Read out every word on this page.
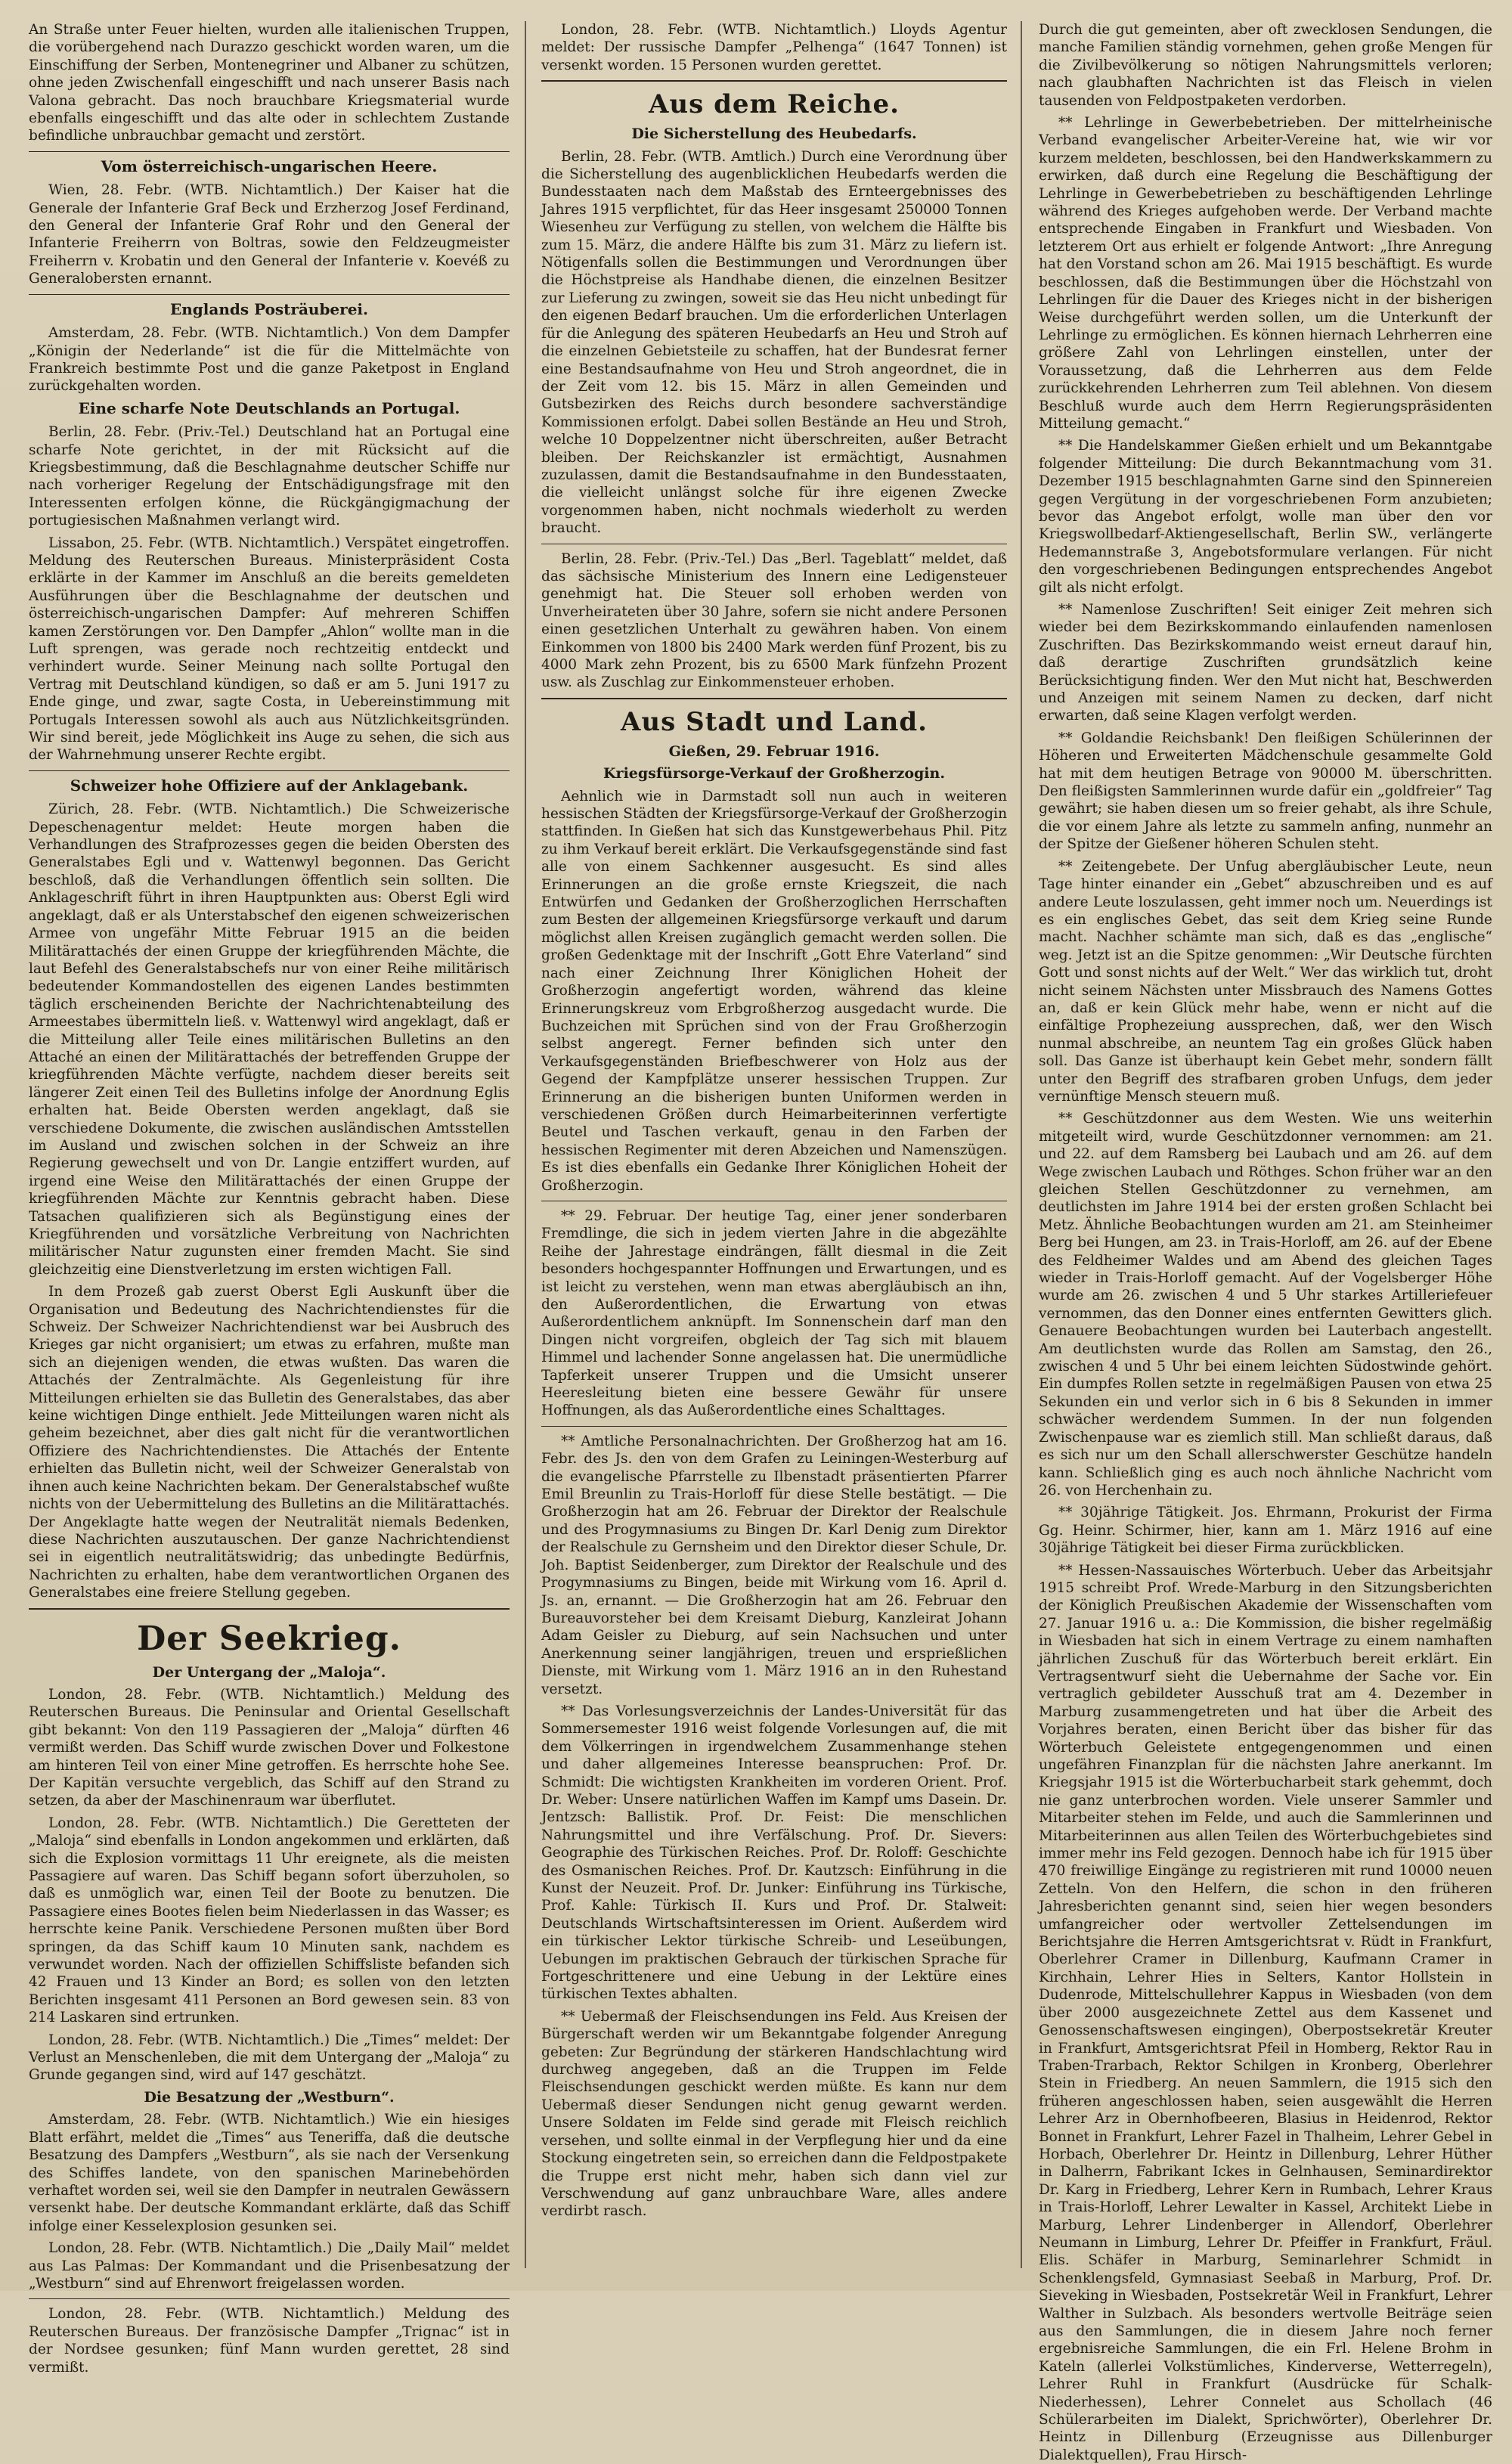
An Straße unter Feuer hielten, wurden alle italienischen Truppen, die vorübergehend nach Durazzo geschickt worden waren, um die Einschiffung der Serben, Montenegriner und Albaner zu schützen, ohne jeden Zwischenfall eingeschifft und nach unserer Basis nach Valona gebracht. Das noch brauchbare Kriegsmaterial wurde ebenfalls eingeschifft und das alte oder in schlechtem Zustande befindliche unbrauchbar gemacht und zerstört.

Vom österreichisch-ungarischen Heere.

Wien, 28. Febr. (WTB. Nichtamtlich.) Der Kaiser hat die Generale der Infanterie Graf Beck und Erzherzog Josef Ferdinand, den General der Infanterie Graf Rohr und den General der Infanterie Freiherrn von Boltras, sowie den Feldzeugmeister Freiherrn v. Krobatin und den General der Infanterie v. Koevéß zu Generalobersten ernannt.

Englands Posträuberei.

Amsterdam, 28. Febr. (WTB. Nichtamtlich.) Von dem Dampfer „Königin der Nederlande“ ist die für die Mittelmächte von Frankreich bestimmte Post und die ganze Paketpost in England zurückgehalten worden.

Eine scharfe Note Deutschlands an Portugal.

Berlin, 28. Febr. (Priv.-Tel.) Deutschland hat an Portugal eine scharfe Note gerichtet, in der mit Rücksicht auf die Kriegsbestimmung, daß die Beschlagnahme deutscher Schiffe nur nach vorheriger Regelung der Entschädigungsfrage mit den Interessenten erfolgen könne, die Rückgängigmachung der portugiesischen Maßnahmen verlangt wird.

Lissabon, 25. Febr. (WTB. Nichtamtlich.) Verspätet eingetroffen. Meldung des Reuterschen Bureaus. Ministerpräsident Costa erklärte in der Kammer im Anschluß an die bereits gemeldeten Ausführungen über die Beschlagnahme der deutschen und österreichisch-ungarischen Dampfer: Auf mehreren Schiffen kamen Zerstörungen vor. Den Dampfer „Ahlon“ wollte man in die Luft sprengen, was gerade noch rechtzeitig entdeckt und verhindert wurde. Seiner Meinung nach sollte Portugal den Vertrag mit Deutschland kündigen, so daß er am 5. Juni 1917 zu Ende ginge, und zwar, sagte Costa, in Uebereinstimmung mit Portugals Interessen sowohl als auch aus Nützlichkeitsgründen. Wir sind bereit, jede Möglichkeit ins Auge zu sehen, die sich aus der Wahrnehmung unserer Rechte ergibt.

Schweizer hohe Offiziere auf der Anklagebank.

Zürich, 28. Febr. (WTB. Nichtamtlich.) Die Schweizerische Depeschenagentur meldet: Heute morgen haben die Verhandlungen des Strafprozesses gegen die beiden Obersten des Generalstabes Egli und v. Wattenwyl begonnen. Das Gericht beschloß, daß die Verhandlungen öffentlich sein sollten. Die Anklageschrift führt in ihren Hauptpunkten aus: Oberst Egli wird angeklagt, daß er als Unterstabschef den eigenen schweizerischen Armee von ungefähr Mitte Februar 1915 an die beiden Militärattachés der einen Gruppe der kriegführenden Mächte, die laut Befehl des Generalstabschefs nur von einer Reihe militärisch bedeutender Kommandostellen des eigenen Landes bestimmten täglich erscheinenden Berichte der Nachrichtenabteilung des Armeestabes übermitteln ließ. v. Wattenwyl wird angeklagt, daß er die Mitteilung aller Teile eines militärischen Bulletins an den Attaché an einen der Militärattachés der betreffenden Gruppe der kriegführenden Mächte verfügte, nachdem dieser bereits seit längerer Zeit einen Teil des Bulletins infolge der Anordnung Eglis erhalten hat. Beide Obersten werden angeklagt, daß sie verschiedene Dokumente, die zwischen ausländischen Amtsstellen im Ausland und zwischen solchen in der Schweiz an ihre Regierung gewechselt und von Dr. Langie entziffert wurden, auf irgend eine Weise den Militärattachés der einen Gruppe der kriegführenden Mächte zur Kenntnis gebracht haben. Diese Tatsachen qualifizieren sich als Begünstigung eines der Kriegführenden und vorsätzliche Verbreitung von Nachrichten militärischer Natur zugunsten einer fremden Macht. Sie sind gleichzeitig eine Dienstverletzung im ersten wichtigen Fall.

In dem Prozeß gab zuerst Oberst Egli Auskunft über die Organisation und Bedeutung des Nachrichtendienstes für die Schweiz. Der Schweizer Nachrichtendienst war bei Ausbruch des Krieges gar nicht organisiert; um etwas zu erfahren, mußte man sich an diejenigen wenden, die etwas wußten. Das waren die Attachés der Zentralmächte. Als Gegenleistung für ihre Mitteilungen erhielten sie das Bulletin des Generalstabes, das aber keine wichtigen Dinge enthielt. Jede Mitteilungen waren nicht als geheim bezeichnet, aber dies galt nicht für die verantwortlichen Offiziere des Nachrichtendienstes. Die Attachés der Entente erhielten das Bulletin nicht, weil der Schweizer Generalstab von ihnen auch keine Nachrichten bekam. Der Generalstabschef wußte nichts von der Uebermittelung des Bulletins an die Militärattachés. Der Angeklagte hatte wegen der Neutralität niemals Bedenken, diese Nachrichten auszutauschen. Der ganze Nachrichtendienst sei in eigentlich neutralitätswidrig; das unbedingte Bedürfnis, Nachrichten zu erhalten, habe dem verantwortlichen Organen des Generalstabes eine freiere Stellung gegeben.

Der Seekrieg.
Der Untergang der „Maloja“.

London, 28. Febr. (WTB. Nichtamtlich.) Meldung des Reuterschen Bureaus. Die Peninsular and Oriental Gesellschaft gibt bekannt: Von den 119 Passagieren der „Maloja“ dürften 46 vermißt werden. Das Schiff wurde zwischen Dover und Folkestone am hinteren Teil von einer Mine getroffen. Es herrschte hohe See. Der Kapitän versuchte vergeblich, das Schiff auf den Strand zu setzen, da aber der Maschinenraum war überflutet.

London, 28. Febr. (WTB. Nichtamtlich.) Die Geretteten der „Maloja“ sind ebenfalls in London angekommen und erklärten, daß sich die Explosion vormittags 11 Uhr ereignete, als die meisten Passagiere auf waren. Das Schiff begann sofort überzuholen, so daß es unmöglich war, einen Teil der Boote zu benutzen. Die Passagiere eines Bootes fielen beim Niederlassen in das Wasser; es herrschte keine Panik. Verschiedene Personen mußten über Bord springen, da das Schiff kaum 10 Minuten sank, nachdem es verwundet worden. Nach der offiziellen Schiffsliste befanden sich 42 Frauen und 13 Kinder an Bord; es sollen von den letzten Berichten insgesamt 411 Personen an Bord gewesen sein. 83 von 214 Laskaren sind ertrunken.

London, 28. Febr. (WTB. Nichtamtlich.) Die „Times“ meldet: Der Verlust an Menschenleben, die mit dem Untergang der „Maloja“ zu Grunde gegangen sind, wird auf 147 geschätzt.

Die Besatzung der „Westburn“.

Amsterdam, 28. Febr. (WTB. Nichtamtlich.) Wie ein hiesiges Blatt erfährt, meldet die „Times“ aus Teneriffa, daß die deutsche Besatzung des Dampfers „Westburn“, als sie nach der Versenkung des Schiffes landete, von den spanischen Marinebehörden verhaftet worden sei, weil sie den Dampfer in neutralen Gewässern versenkt habe. Der deutsche Kommandant erklärte, daß das Schiff infolge einer Kesselexplosion gesunken sei.

London, 28. Febr. (WTB. Nichtamtlich.) Die „Daily Mail“ meldet aus Las Palmas: Der Kommandant und die Prisenbesatzung der „Westburn“ sind auf Ehrenwort freigelassen worden.

London, 28. Febr. (WTB. Nichtamtlich.) Meldung des Reuterschen Bureaus. Der französische Dampfer „Trignac“ ist in der Nordsee gesunken; fünf Mann wurden gerettet, 28 sind vermißt.

London, 28. Febr. (WTB. Nichtamtlich.) Lloyds Agentur meldet: Der russische Dampfer „Pelhenga“ (1647 Tonnen) ist versenkt worden. 15 Personen wurden gerettet.

Aus dem Reiche.
Die Sicherstellung des Heubedarfs.

Berlin, 28. Febr. (WTB. Amtlich.) Durch eine Verordnung über die Sicherstellung des augenblicklichen Heubedarfs werden die Bundesstaaten nach dem Maßstab des Ernteergebnisses des Jahres 1915 verpflichtet, für das Heer insgesamt 250000 Tonnen Wiesenheu zur Verfügung zu stellen, von welchem die Hälfte bis zum 15. März, die andere Hälfte bis zum 31. März zu liefern ist. Nötigenfalls sollen die Bestimmungen und Verordnungen über die Höchstpreise als Handhabe dienen, die einzelnen Besitzer zur Lieferung zu zwingen, soweit sie das Heu nicht unbedingt für den eigenen Bedarf brauchen. Um die erforderlichen Unterlagen für die Anlegung des späteren Heubedarfs an Heu und Stroh auf die einzelnen Gebietsteile zu schaffen, hat der Bundesrat ferner eine Bestandsaufnahme von Heu und Stroh angeordnet, die in der Zeit vom 12. bis 15. März in allen Gemeinden und Gutsbezirken des Reichs durch besondere sachverständige Kommissionen erfolgt. Dabei sollen Bestände an Heu und Stroh, welche 10 Doppelzentner nicht überschreiten, außer Betracht bleiben. Der Reichskanzler ist ermächtigt, Ausnahmen zuzulassen, damit die Bestandsaufnahme in den Bundesstaaten, die vielleicht unlängst solche für ihre eigenen Zwecke vorgenommen haben, nicht nochmals wiederholt zu werden braucht.

Berlin, 28. Febr. (Priv.-Tel.) Das „Berl. Tageblatt“ meldet, daß das sächsische Ministerium des Innern eine Ledigensteuer genehmigt hat. Die Steuer soll erhoben werden von Unverheirateten über 30 Jahre, sofern sie nicht andere Personen einen gesetzlichen Unterhalt zu gewähren haben. Von einem Einkommen von 1800 bis 2400 Mark werden fünf Prozent, bis zu 4000 Mark zehn Prozent, bis zu 6500 Mark fünfzehn Prozent usw. als Zuschlag zur Einkommensteuer erhoben.

Aus Stadt und Land.
Gießen, 29. Februar 1916.
Kriegsfürsorge-Verkauf der Großherzogin.

Aehnlich wie in Darmstadt soll nun auch in weiteren hessischen Städten der Kriegsfürsorge-Verkauf der Großherzogin stattfinden. In Gießen hat sich das Kunstgewerbehaus Phil. Pitz zu ihm Verkauf bereit erklärt. Die Verkaufsgegenstände sind fast alle von einem Sachkenner ausgesucht. Es sind alles Erinnerungen an die große ernste Kriegszeit, die nach Entwürfen und Gedanken der Großherzoglichen Herrschaften zum Besten der allgemeinen Kriegsfürsorge verkauft und darum möglichst allen Kreisen zugänglich gemacht werden sollen. Die großen Gedenktage mit der Inschrift „Gott Ehre Vaterland“ sind nach einer Zeichnung Ihrer Königlichen Hoheit der Großherzogin angefertigt worden, während das kleine Erinnerungskreuz vom Erbgroßherzog ausgedacht wurde. Die Buchzeichen mit Sprüchen sind von der Frau Großherzogin selbst angeregt. Ferner befinden sich unter den Verkaufsgegenständen Briefbeschwerer von Holz aus der Gegend der Kampfplätze unserer hessischen Truppen. Zur Erinnerung an die bisherigen bunten Uniformen werden in verschiedenen Größen durch Heimarbeiterinnen verfertigte Beutel und Taschen verkauft, genau in den Farben der hessischen Regimenter mit deren Abzeichen und Namenszügen. Es ist dies ebenfalls ein Gedanke Ihrer Königlichen Hoheit der Großherzogin.

** 29. Februar. Der heutige Tag, einer jener sonderbaren Fremdlinge, die sich in jedem vierten Jahre in die abgezählte Reihe der Jahrestage eindrängen, fällt diesmal in die Zeit besonders hochgespannter Hoffnungen und Erwartungen, und es ist leicht zu verstehen, wenn man etwas abergläubisch an ihn, den Außerordentlichen, die Erwartung von etwas Außerordentlichem anknüpft. Im Sonnenschein darf man den Dingen nicht vorgreifen, obgleich der Tag sich mit blauem Himmel und lachender Sonne angelassen hat. Die unermüdliche Tapferkeit unserer Truppen und die Umsicht unserer Heeresleitung bieten eine bessere Gewähr für unsere Hoffnungen, als das Außerordentliche eines Schalttages.

** Amtliche Personalnachrichten. Der Großherzog hat am 16. Febr. des Js. den von dem Grafen zu Leiningen-Westerburg auf die evangelische Pfarrstelle zu Ilbenstadt präsentierten Pfarrer Emil Breunlin zu Trais-Horloff für diese Stelle bestätigt. — Die Großherzogin hat am 26. Februar der Direktor der Realschule und des Progymnasiums zu Bingen Dr. Karl Denig zum Direktor der Realschule zu Gernsheim und den Direktor dieser Schule, Dr. Joh. Baptist Seidenberger, zum Direktor der Realschule und des Progymnasiums zu Bingen, beide mit Wirkung vom 16. April d. Js. an, ernannt. — Die Großherzogin hat am 26. Februar den Bureauvorsteher bei dem Kreisamt Dieburg, Kanzleirat Johann Adam Geisler zu Dieburg, auf sein Nachsuchen und unter Anerkennung seiner langjährigen, treuen und ersprießlichen Dienste, mit Wirkung vom 1. März 1916 an in den Ruhestand versetzt.

** Das Vorlesungsverzeichnis der Landes-Universität für das Sommersemester 1916 weist folgende Vorlesungen auf, die mit dem Völkerringen in irgendwelchem Zusammenhange stehen und daher allgemeines Interesse beanspruchen: Prof. Dr. Schmidt: Die wichtigsten Krankheiten im vorderen Orient. Prof. Dr. Weber: Unsere natürlichen Waffen im Kampf ums Dasein. Dr. Jentzsch: Ballistik. Prof. Dr. Feist: Die menschlichen Nahrungsmittel und ihre Verfälschung. Prof. Dr. Sievers: Geographie des Türkischen Reiches. Prof. Dr. Roloff: Geschichte des Osmanischen Reiches. Prof. Dr. Kautzsch: Einführung in die Kunst der Neuzeit. Prof. Dr. Junker: Einführung ins Türkische, Prof. Kahle: Türkisch II. Kurs und Prof. Dr. Stalweit: Deutschlands Wirtschaftsinteressen im Orient. Außerdem wird ein türkischer Lektor türkische Schreib- und Leseübungen, Uebungen im praktischen Gebrauch der türkischen Sprache für Fortgeschrittenere und eine Uebung in der Lektüre eines türkischen Textes abhalten.

** Uebermaß der Fleischsendungen ins Feld. Aus Kreisen der Bürgerschaft werden wir um Bekanntgabe folgender Anregung gebeten: Zur Begründung der stärkeren Handschlachtung wird durchweg angegeben, daß an die Truppen im Felde Fleischsendungen geschickt werden müßte. Es kann nur dem Uebermaß dieser Sendungen nicht genug gewarnt werden. Unsere Soldaten im Felde sind gerade mit Fleisch reichlich versehen, und sollte einmal in der Verpflegung hier und da eine Stockung eingetreten sein, so erreichen dann die Feldpostpakete die Truppe erst nicht mehr, haben sich dann viel zur Verschwendung auf ganz unbrauchbare Ware, alles andere verdirbt rasch.

Durch die gut gemeinten, aber oft zwecklosen Sendungen, die manche Familien ständig vornehmen, gehen große Mengen für die Zivilbevölkerung so nötigen Nahrungsmittels verloren; nach glaubhaften Nachrichten ist das Fleisch in vielen tausenden von Feldpostpaketen verdorben.

** Lehrlinge in Gewerbebetrieben. Der mittelrheinische Verband evangelischer Arbeiter-Vereine hat, wie wir vor kurzem meldeten, beschlossen, bei den Handwerkskammern zu erwirken, daß durch eine Regelung die Beschäftigung der Lehrlinge in Gewerbebetrieben zu beschäftigenden Lehrlinge während des Krieges aufgehoben werde. Der Verband machte entsprechende Eingaben in Frankfurt und Wiesbaden. Von letzterem Ort aus erhielt er folgende Antwort: „Ihre Anregung hat den Vorstand schon am 26. Mai 1915 beschäftigt. Es wurde beschlossen, daß die Bestimmungen über die Höchstzahl von Lehrlingen für die Dauer des Krieges nicht in der bisherigen Weise durchgeführt werden sollen, um die Unterkunft der Lehrlinge zu ermöglichen. Es können hiernach Lehrherren eine größere Zahl von Lehrlingen einstellen, unter der Voraussetzung, daß die Lehrherren aus dem Felde zurückkehrenden Lehrherren zum Teil ablehnen. Von diesem Beschluß wurde auch dem Herrn Regierungspräsidenten Mitteilung gemacht.“

** Die Handelskammer Gießen erhielt und um Bekanntgabe folgender Mitteilung: Die durch Bekanntmachung vom 31. Dezember 1915 beschlagnahmten Garne sind den Spinnereien gegen Vergütung in der vorgeschriebenen Form anzubieten; bevor das Angebot erfolgt, wolle man über den vor Kriegswollbedarf-Aktiengesellschaft, Berlin SW., verlängerte Hedemannstraße 3, Angebotsformulare verlangen. Für nicht den vorgeschriebenen Bedingungen entsprechendes Angebot gilt als nicht erfolgt.

** Namenlose Zuschriften! Seit einiger Zeit mehren sich wieder bei dem Bezirkskommando einlaufenden namenlosen Zuschriften. Das Bezirkskommando weist erneut darauf hin, daß derartige Zuschriften grundsätzlich keine Berücksichtigung finden. Wer den Mut nicht hat, Beschwerden und Anzeigen mit seinem Namen zu decken, darf nicht erwarten, daß seine Klagen verfolgt werden.

** Goldandie Reichsbank! Den fleißigen Schülerinnen der Höheren und Erweiterten Mädchenschule gesammelte Gold hat mit dem heutigen Betrage von 90000 M. überschritten. Den fleißigsten Sammlerinnen wurde dafür ein „goldfreier“ Tag gewährt; sie haben diesen um so freier gehabt, als ihre Schule, die vor einem Jahre als letzte zu sammeln anfing, nunmehr an der Spitze der Gießener höheren Schulen steht.

** Zeitengebete. Der Unfug abergläubischer Leute, neun Tage hinter einander ein „Gebet“ abzuschreiben und es auf andere Leute loszulassen, geht immer noch um. Neuerdings ist es ein englisches Gebet, das seit dem Krieg seine Runde macht. Nachher schämte man sich, daß es das „englische“ weg. Jetzt ist an die Spitze genommen: „Wir Deutsche fürchten Gott und sonst nichts auf der Welt.“ Wer das wirklich tut, droht nicht seinem Nächsten unter Missbrauch des Namens Gottes an, daß er kein Glück mehr habe, wenn er nicht auf die einfältige Prophezeiung aussprechen, daß, wer den Wisch nunmal abschreibe, an neuntem Tag ein großes Glück haben soll. Das Ganze ist überhaupt kein Gebet mehr, sondern fällt unter den Begriff des strafbaren groben Unfugs, dem jeder vernünftige Mensch steuern muß.

** Geschützdonner aus dem Westen. Wie uns weiterhin mitgeteilt wird, wurde Geschützdonner vernommen: am 21. und 22. auf dem Ramsberg bei Laubach und am 26. auf dem Wege zwischen Laubach und Röthges. Schon früher war an den gleichen Stellen Geschützdonner zu vernehmen, am deutlichsten im Jahre 1914 bei der ersten großen Schlacht bei Metz. Ähnliche Beobachtungen wurden am 21. am Steinheimer Berg bei Hungen, am 23. in Trais-Horloff, am 26. auf der Ebene des Feldheimer Waldes und am Abend des gleichen Tages wieder in Trais-Horloff gemacht. Auf der Vogelsberger Höhe wurde am 26. zwischen 4 und 5 Uhr starkes Artilleriefeuer vernommen, das den Donner eines entfernten Gewitters glich. Genauere Beobachtungen wurden bei Lauterbach angestellt. Am deutlichsten wurde das Rollen am Samstag, den 26., zwischen 4 und 5 Uhr bei einem leichten Südostwinde gehört. Ein dumpfes Rollen setzte in regelmäßigen Pausen von etwa 25 Sekunden ein und verlor sich in 6 bis 8 Sekunden in immer schwächer werdendem Summen. In der nun folgenden Zwischenpause war es ziemlich still. Man schließt daraus, daß es sich nur um den Schall allerschwerster Geschütze handeln kann. Schließlich ging es auch noch ähnliche Nachricht vom 26. von Herchenhain zu.

** 30jährige Tätigkeit. Jos. Ehrmann, Prokurist der Firma Gg. Heinr. Schirmer, hier, kann am 1. März 1916 auf eine 30jährige Tätigkeit bei dieser Firma zurückblicken.

** Hessen-Nassauisches Wörterbuch. Ueber das Arbeitsjahr 1915 schreibt Prof. Wrede-Marburg in den Sitzungsberichten der Königlich Preußischen Akademie der Wissenschaften vom 27. Januar 1916 u. a.: Die Kommission, die bisher regelmäßig in Wiesbaden hat sich in einem Vertrage zu einem namhaften jährlichen Zuschuß für das Wörterbuch bereit erklärt. Ein Vertragsentwurf sieht die Uebernahme der Sache vor. Ein vertraglich gebildeter Ausschuß trat am 4. Dezember in Marburg zusammengetreten und hat über die Arbeit des Vorjahres beraten, einen Bericht über das bisher für das Wörterbuch Geleistete entgegengenommen und einen ungefähren Finanzplan für die nächsten Jahre anerkannt. Im Kriegsjahr 1915 ist die Wörterbucharbeit stark gehemmt, doch nie ganz unterbrochen worden. Viele unserer Sammler und Mitarbeiter stehen im Felde, und auch die Sammlerinnen und Mitarbeiterinnen aus allen Teilen des Wörterbuchgebietes sind immer mehr ins Feld gezogen. Dennoch habe ich für 1915 über 470 freiwillige Eingänge zu registrieren mit rund 10000 neuen Zetteln. Von den Helfern, die schon in den früheren Jahresberichten genannt sind, seien hier wegen besonders umfangreicher oder wertvoller Zettelsendungen im Berichtsjahre die Herren Amtsgerichtsrat v. Rüdt in Frankfurt, Oberlehrer Cramer in Dillenburg, Kaufmann Cramer in Kirchhain, Lehrer Hies in Selters, Kantor Hollstein in Dudenrode, Mittelschullehrer Kappus in Wiesbaden (von dem über 2000 ausgezeichnete Zettel aus dem Kassenet und Genossenschaftswesen eingingen), Oberpostsekretär Kreuter in Frankfurt, Amtsgerichtsrat Pfeil in Homberg, Rektor Rau in Traben-Trarbach, Rektor Schilgen in Kronberg, Oberlehrer Stein in Friedberg. An neuen Sammlern, die 1915 sich den früheren angeschlossen haben, seien ausgewählt die Herren Lehrer Arz in Obernhofbeeren, Blasius in Heidenrod, Rektor Bonnet in Frankfurt, Lehrer Fazel in Thalheim, Lehrer Gebel in Horbach, Oberlehrer Dr. Heintz in Dillenburg, Lehrer Hüther in Dalherrn, Fabrikant Ickes in Gelnhausen, Seminardirektor Dr. Karg in Friedberg, Lehrer Kern in Rumbach, Lehrer Kraus in Trais-Horloff, Lehrer Lewalter in Kassel, Architekt Liebe in Marburg, Lehrer Lindenberger in Allendorf, Oberlehrer Neumann in Limburg, Lehrer Dr. Pfeiffer in Frankfurt, Fräul. Elis. Schäfer in Marburg, Seminarlehrer Schmidt in Schenklengsfeld, Gymnasiast Seebaß in Marburg, Prof. Dr. Sieveking in Wiesbaden, Postsekretär Weil in Frankfurt, Lehrer Walther in Sulzbach. Als besonders wertvolle Beiträge seien aus den Sammlungen, die in diesem Jahre noch ferner ergebnisreiche Sammlungen, die ein Frl. Helene Brohm in Kateln (allerlei Volkstümliches, Kinderverse, Wetterregeln), Lehrer Ruhl in Frankfurt (Ausdrücke für Schalk- Niederhessen), Lehrer Connelet aus Schollach (46 Schülerarbeiten im Dialekt, Sprichwörter), Oberlehrer Dr. Heintz in Dillenburg (Erzeugnisse aus Dillenburger Dialektquellen), Frau Hirsch-
